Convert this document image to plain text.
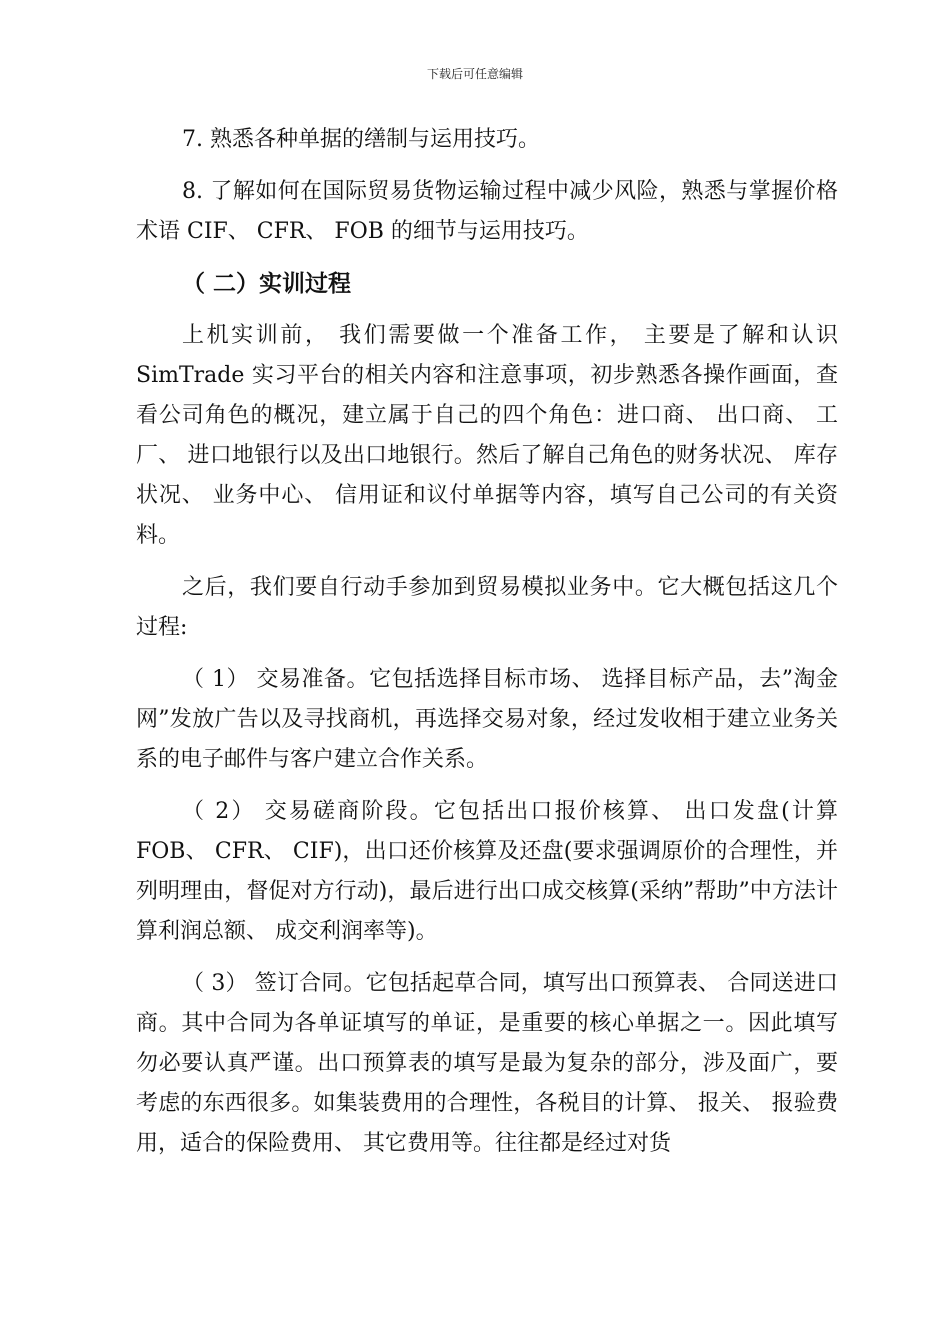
下载后可任意编辑

7. 熟悉各种单据的缮制与运用技巧。

8. 了解如何在国际贸易货物运输过程中减少风险，熟悉与掌握价格术语 CIF、 CFR、 FOB 的细节与运用技巧。

（ 二）实训过程

上机实训前， 我们需要做一个准备工作， 主要是了解和认识 SimTrade 实习平台的相关内容和注意事项，初步熟悉各操作画面，查看公司角色的概况，建立属于自己的四个角色：进口商、 出口商、 工厂、 进口地银行以及出口地银行。然后了解自己角色的财务状况、 库存状况、 业务中心、 信用证和议付单据等内容，填写自己公司的有关资料。

之后，我们要自行动手参加到贸易模拟业务中。它大概包括这几个过程:

（ 1） 交易准备。它包括选择目标市场、 选择目标产品，去”淘金网”发放广告以及寻找商机，再选择交易对象，经过发收相于建立业务关系的电子邮件与客户建立合作关系。

（ 2） 交易磋商阶段。它包括出口报价核算、 出口发盘(计算 FOB、 CFR、 CIF)，出口还价核算及还盘(要求强调原价的合理性，并列明理由，督促对方行动)，最后进行出口成交核算(采纳”帮助”中方法计算利润总额、 成交利润率等)。

（ 3） 签订合同。它包括起草合同，填写出口预算表、 合同送进口商。其中合同为各单证填写的单证，是重要的核心单据之一。因此填写勿必要认真严谨。出口预算表的填写是最为复杂的部分，涉及面广，要考虑的东西很多。如集装费用的合理性，各税目的计算、 报关、 报验费用，适合的保险费用、 其它费用等。往往都是经过对货
